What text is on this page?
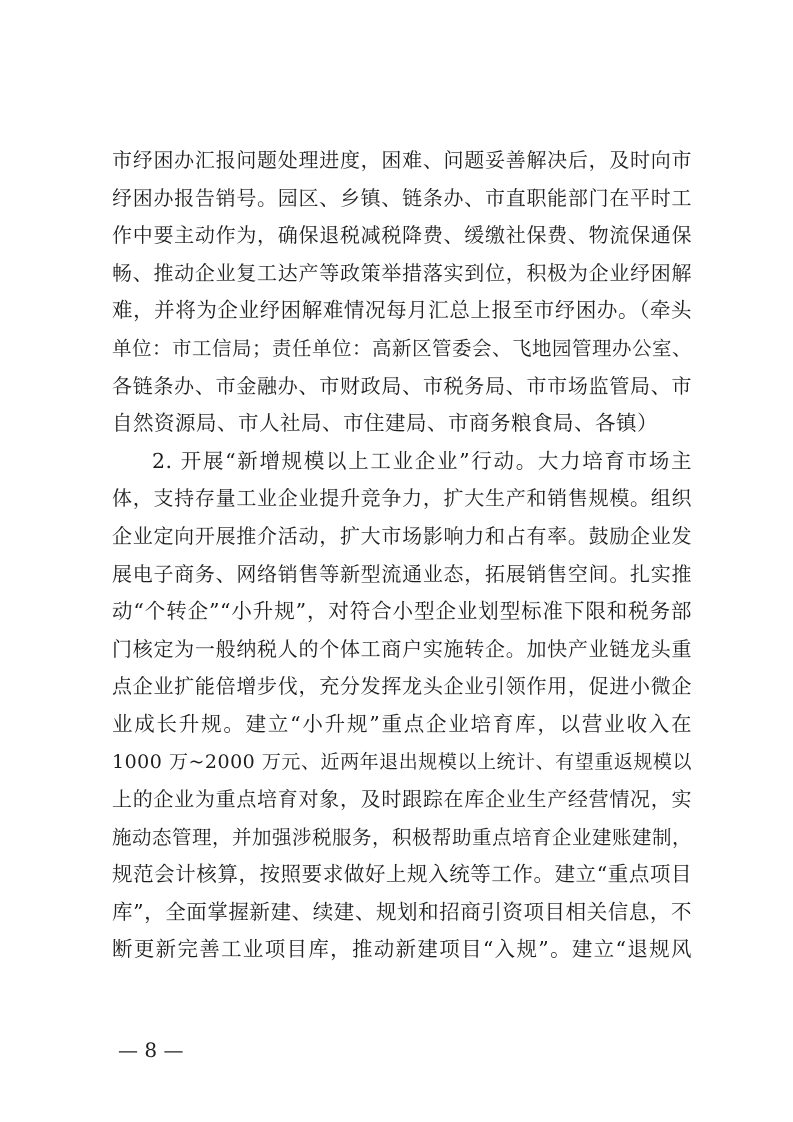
市纾困办汇报问题处理进度，困难、问题妥善解决后，及时向市
纾困办报告销号。园区、乡镇、链条办、市直职能部门在平时工
作中要主动作为，确保退税减税降费、缓缴社保费、物流保通保
畅、推动企业复工达产等政策举措落实到位，积极为企业纾困解
难，并将为企业纾困解难情况每月汇总上报至市纾困办。（牵头
单位：市工信局；责任单位：高新区管委会、飞地园管理办公室、
各链条办、市金融办、市财政局、市税务局、市市场监管局、市
自然资源局、市人社局、市住建局、市商务粮食局、各镇）
2. 开展“新增规模以上工业企业”行动。大力培育市场主
体，支持存量工业企业提升竞争力，扩大生产和销售规模。组织
企业定向开展推介活动，扩大市场影响力和占有率。鼓励企业发
展电子商务、网络销售等新型流通业态，拓展销售空间。扎实推
动“个转企”“小升规”，对符合小型企业划型标准下限和税务部
门核定为一般纳税人的个体工商户实施转企。加快产业链龙头重
点企业扩能倍增步伐，充分发挥龙头企业引领作用，促进小微企
业成长升规。建立“小升规”重点企业培育库，以营业收入在
1000 万~2000 万元、近两年退出规模以上统计、有望重返规模以
上的企业为重点培育对象，及时跟踪在库企业生产经营情况，实
施动态管理，并加强涉税服务，积极帮助重点培育企业建账建制，
规范会计核算，按照要求做好上规入统等工作。建立“重点项目
库”，全面掌握新建、续建、规划和招商引资项目相关信息，不
断更新完善工业项目库，推动新建项目“入规”。建立“退规风
— 8 —
